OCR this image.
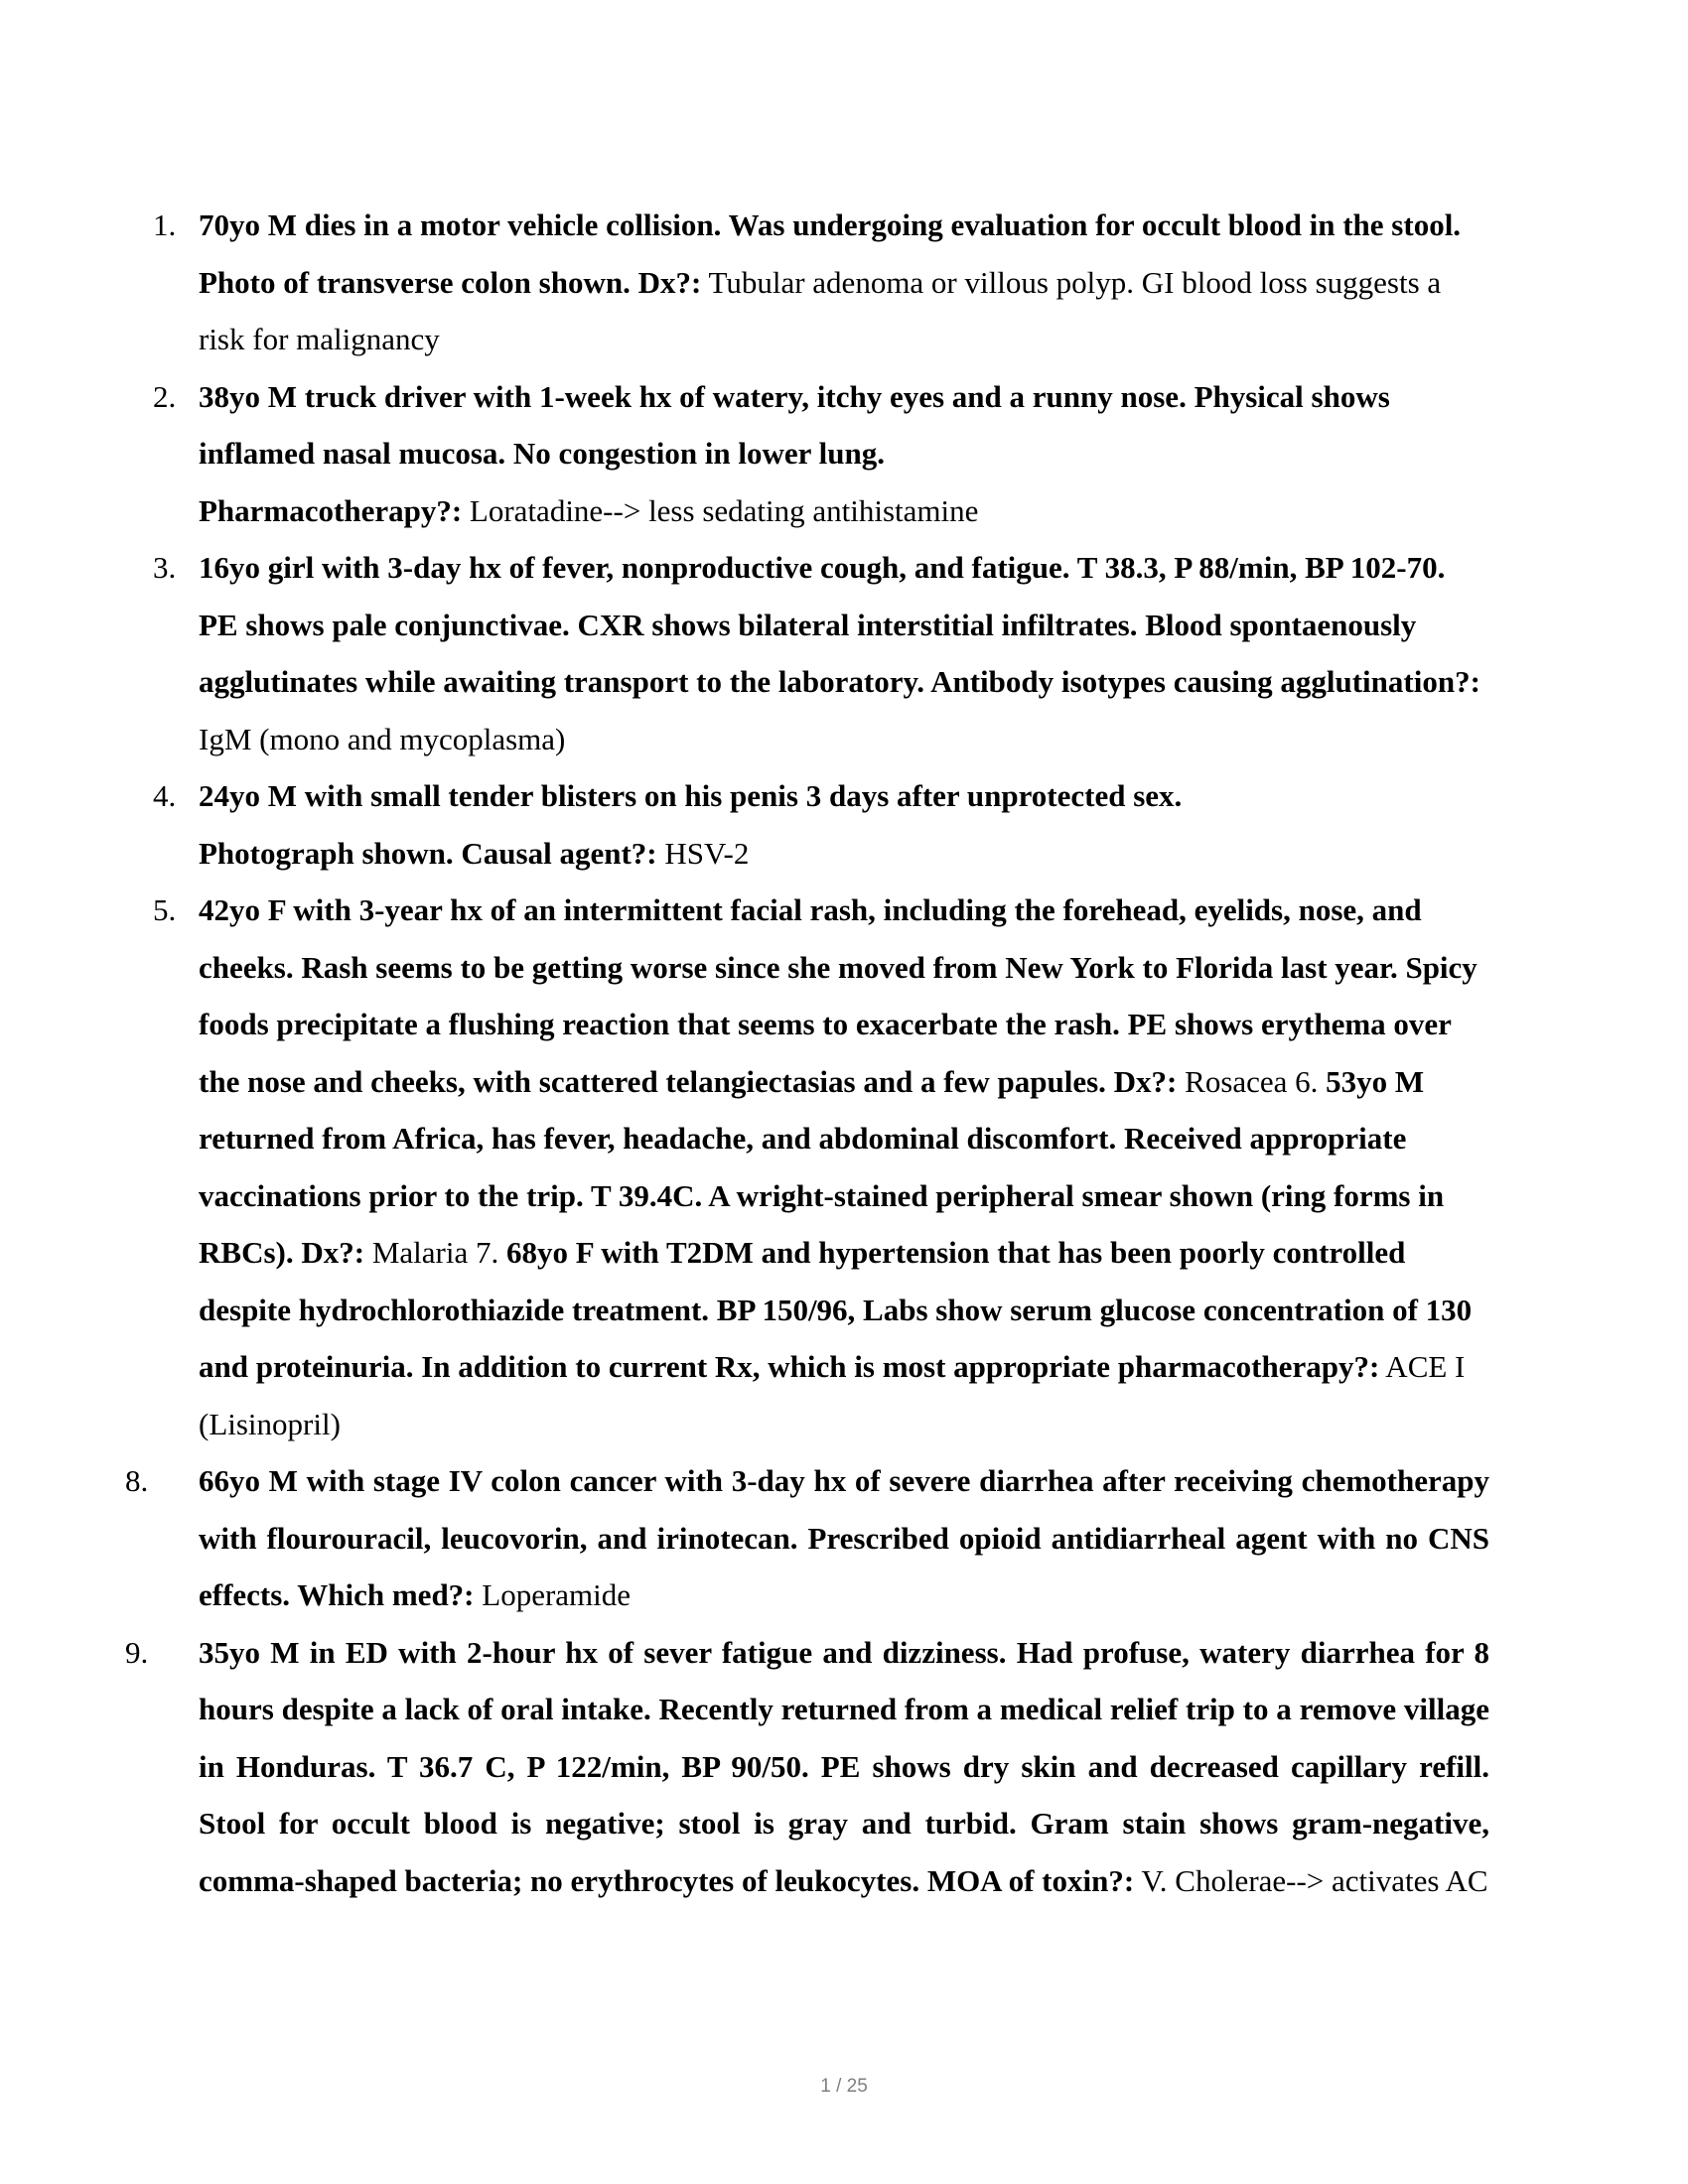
1. 70yo M dies in a motor vehicle collision. Was undergoing evaluation for occult blood in the stool. Photo of transverse colon shown. Dx?: Tubular adenoma or villous polyp. GI blood loss suggests a risk for malignancy
2. 38yo M truck driver with 1-week hx of watery, itchy eyes and a runny nose. Physical shows inflamed nasal mucosa. No congestion in lower lung.
Pharmacotherapy?: Loratadine--> less sedating antihistamine
3. 16yo girl with 3-day hx of fever, nonproductive cough, and fatigue. T 38.3, P 88/min, BP 102-70. PE shows pale conjunctivae. CXR shows bilateral interstitial infiltrates. Blood spontaenously agglutinates while awaiting transport to the laboratory. Antibody isotypes causing agglutination?: IgM (mono and mycoplasma)
4. 24yo M with small tender blisters on his penis 3 days after unprotected sex.
Photograph shown. Causal agent?: HSV-2
5. 42yo F with 3-year hx of an intermittent facial rash, including the forehead, eyelids, nose, and cheeks. Rash seems to be getting worse since she moved from New York to Florida last year. Spicy foods precipitate a flushing reaction that seems to exacerbate the rash. PE shows erythema over the nose and cheeks, with scattered telangiectasias and a few papules. Dx?: Rosacea 6. 53yo M returned from Africa, has fever, headache, and abdominal discomfort. Received appropriate vaccinations prior to the trip. T 39.4C. A wright-stained peripheral smear shown (ring forms in RBCs). Dx?: Malaria 7. 68yo F with T2DM and hypertension that has been poorly controlled despite hydrochlorothiazide treatment. BP 150/96, Labs show serum glucose concentration of 130 and proteinuria. In addition to current Rx, which is most appropriate pharmacotherapy?: ACE I (Lisinopril)
8. 66yo M with stage IV colon cancer with 3-day hx of severe diarrhea after receiving chemotherapy with flourouracil, leucovorin, and irinotecan. Prescribed opioid antidiarrheal agent with no CNS effects. Which med?: Loperamide
9. 35yo M in ED with 2-hour hx of sever fatigue and dizziness. Had profuse, watery diarrhea for 8 hours despite a lack of oral intake. Recently returned from a medical relief trip to a remove village in Honduras. T 36.7 C, P 122/min, BP 90/50. PE shows dry skin and decreased capillary refill. Stool for occult blood is negative; stool is gray and turbid. Gram stain shows gram-negative, comma-shaped bacteria; no erythrocytes of leukocytes. MOA of toxin?: V. Cholerae--> activates AC
1 / 25
